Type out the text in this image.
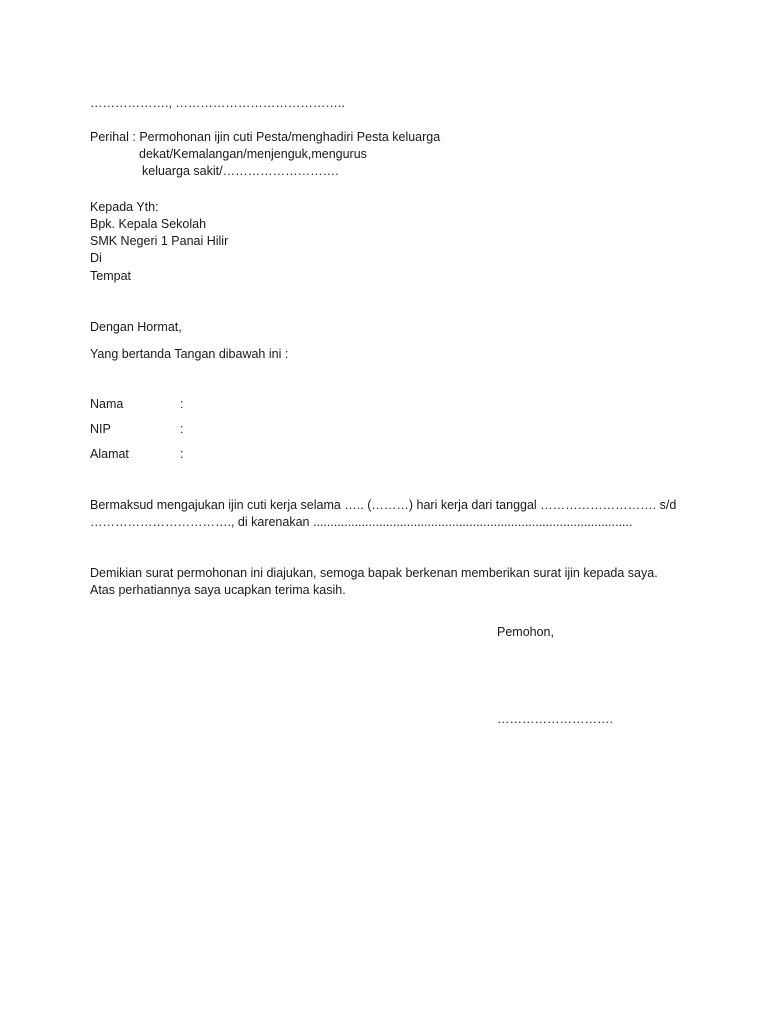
………………., …………………………………..
Perihal : Permohonan ijin cuti Pesta/menghadiri Pesta keluarga
dekat/Kemalangan/menjenguk,mengurus
keluarga sakit/……………………….
Kepada Yth:
Bpk. Kepala Sekolah
SMK Negeri 1 Panai Hilir
Di
Tempat
Dengan Hormat,
Yang bertanda Tangan dibawah ini :
Nama	:
NIP	:
Alamat	:
Bermaksud mengajukan ijin cuti kerja selama ….. (………) hari kerja dari tanggal ………………………. s/d
……………………………., di karenakan ............................................................................................
Demikian surat permohonan ini diajukan, semoga bapak berkenan memberikan surat ijin kepada saya.
Atas perhatiannya saya ucapkan terima kasih.
Pemohon,
……………………….
